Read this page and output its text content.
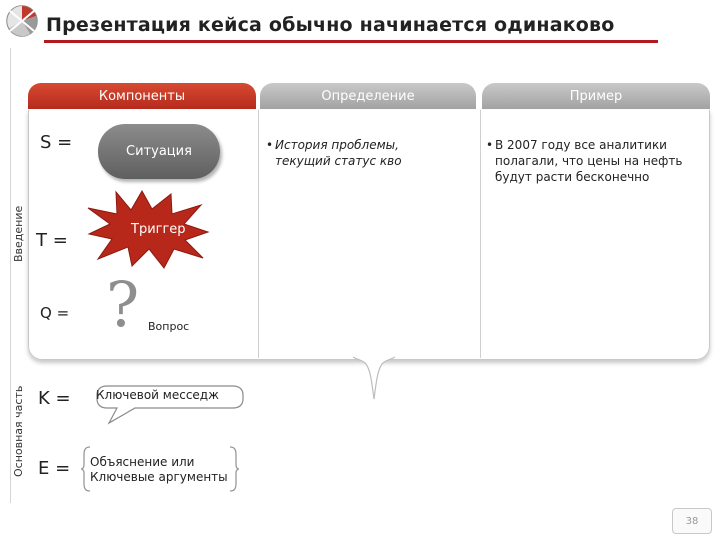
Презентация кейса обычно начинается одинаково
Компоненты	Определение	Пример
Введение
Основная часть
S =
T =
Q =
K =
E =
Ситуация
Триггер
? Вопрос
Ключевой месседж
Объяснение или
Ключевые аргументы
• История проблемы,
текущий статус кво
• В 2007 году все аналитики
полагали, что цены на нефть
будут расти бесконечно
38
